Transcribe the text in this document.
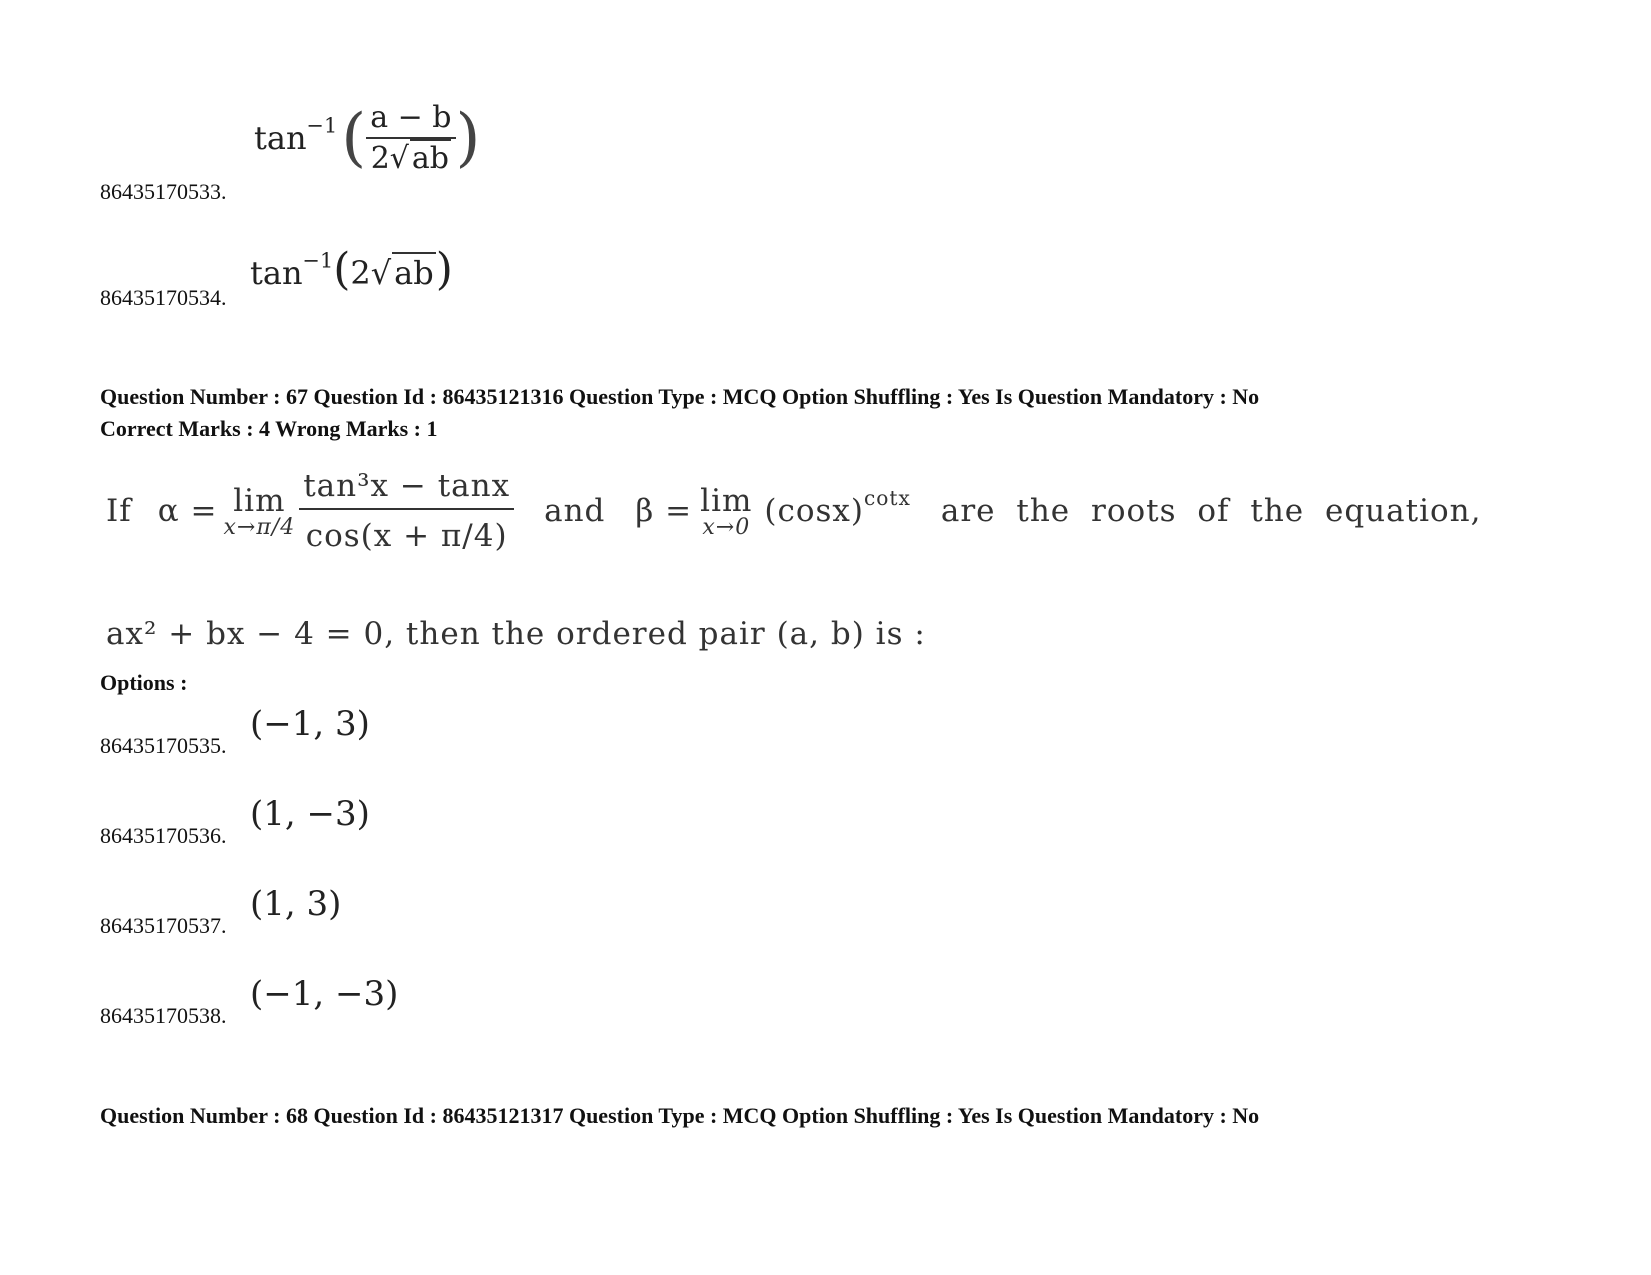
$\tan^{-1}$ ( $\frac{a - b}{2√ ab}$ )
86435170533.
$\tan^{-1}(2√ab)$
86435170534.
Question Number : 67 Question Id : 86435121316 Question Type : MCQ Option Shuffling : Yes Is Question Mandatory : No
Correct Marks : 4 Wrong Marks : 1
If α = lim
$x\to\pi/4 \frac{\text{tan³x − tanx}}{\cos(x + \pi/4)}$ and β = lim
x→0 $(\cos x)^{cotx}$ are the roots of the equation,
ax² + bx − 4 = 0, then the ordered pair (a, b) is :
Options :
(−1, 3)
86435170535.
(1, −3)
86435170536.
(1, 3)
86435170537.
(−1, −3)
86435170538.
Question Number : 68 Question Id : 86435121317 Question Type : MCQ Option Shuffling : Yes Is Question Mandatory : No
